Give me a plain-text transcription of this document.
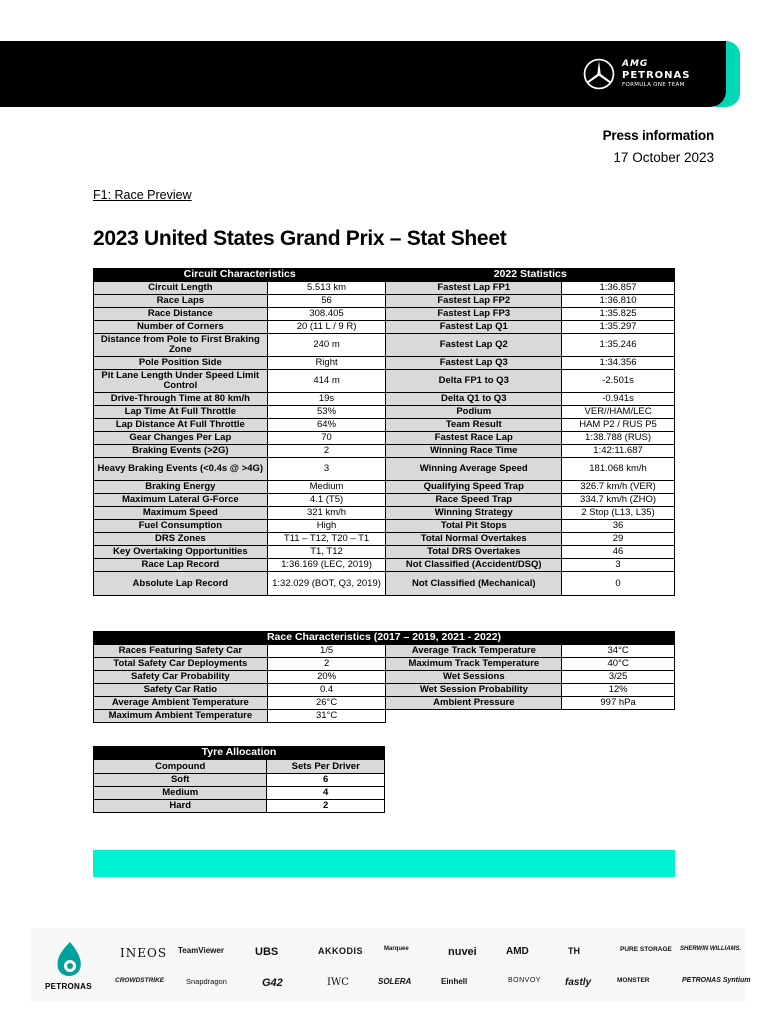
AMG
PETRONAS
FORMULA ONE TEAM
Press information
17 October 2023
F1: Race Preview
2023 United States Grand Prix – Stat Sheet
Circuit Characteristics		2022 Statistics	
Circuit Length	5.513 km	Fastest Lap FP1	1:36.857
Race Laps	56	Fastest Lap FP2	1:36.810
Race Distance	308.405	Fastest Lap FP3	1:35.825
Number of Corners	20 (11 L / 9 R)	Fastest Lap Q1	1:35.297
Distance from Pole to First Braking Zone	240 m	Fastest Lap Q2	1:35.246
Pole Position Side	Right	Fastest Lap Q3	1:34.356
Pit Lane Length Under Speed Limit Control	414 m	Delta FP1 to Q3	-2.501s
Drive-Through Time at 80 km/h	19s	Delta Q1 to Q3	-0.941s
Lap Time At Full Throttle	53%	Podium	VER//HAM/LEC
Lap Distance At Full Throttle	64%	Team Result	HAM P2 / RUS P5
Gear Changes Per Lap	70	Fastest Race Lap	1:38.788 (RUS)
Braking Events (>2G)	2	Winning Race Time	1:42:11.687
Heavy Braking Events (<0.4s @ >4G)	3	Winning Average Speed	181.068 km/h
Braking Energy	Medium	Qualifying Speed Trap	326.7 km/h (VER)
Maximum Lateral G-Force	4.1 (T5)	Race Speed Trap	334.7 km/h (ZHO)
Maximum Speed	321 km/h	Winning Strategy	2 Stop (L13, L35)
Fuel Consumption	High	Total Pit Stops	36
DRS Zones	T11 – T12, T20 – T1	Total Normal Overtakes	29
Key Overtaking Opportunities	T1, T12	Total DRS Overtakes	46
Race Lap Record	1:36.169 (LEC, 2019)	Not Classified (Accident/DSQ)	3
Absolute Lap Record	1:32.029 (BOT, Q3, 2019)	Not Classified (Mechanical)	0
Race Characteristics (2017 – 2019, 2021 - 2022)			
Races Featuring Safety Car	1/5	Average Track Temperature	34°C
Total Safety Car Deployments	2	Maximum Track Temperature	40°C
Safety Car Probability	20%	Wet Sessions	3/25
Safety Car Ratio	0.4	Wet Session Probability	12%
Average Ambient Temperature	26°C	Ambient Pressure	997 hPa
Maximum Ambient Temperature	31°C		
Tyre Allocation	
Compound	Sets Per Driver
Soft	6
Medium	4
Hard	2
PETRONAS
INEOS TeamViewer	UBS	AKKODIS	Marquee	nuvei	AMD	TH	PURE STORAGE SHERWIN WILLIAMS.
CROWDSTRIKE	Snapdragon	G42	IWC	SOLERA	Einhell	BONVOY fastly	MONSTER	PETRONAS Syntium
